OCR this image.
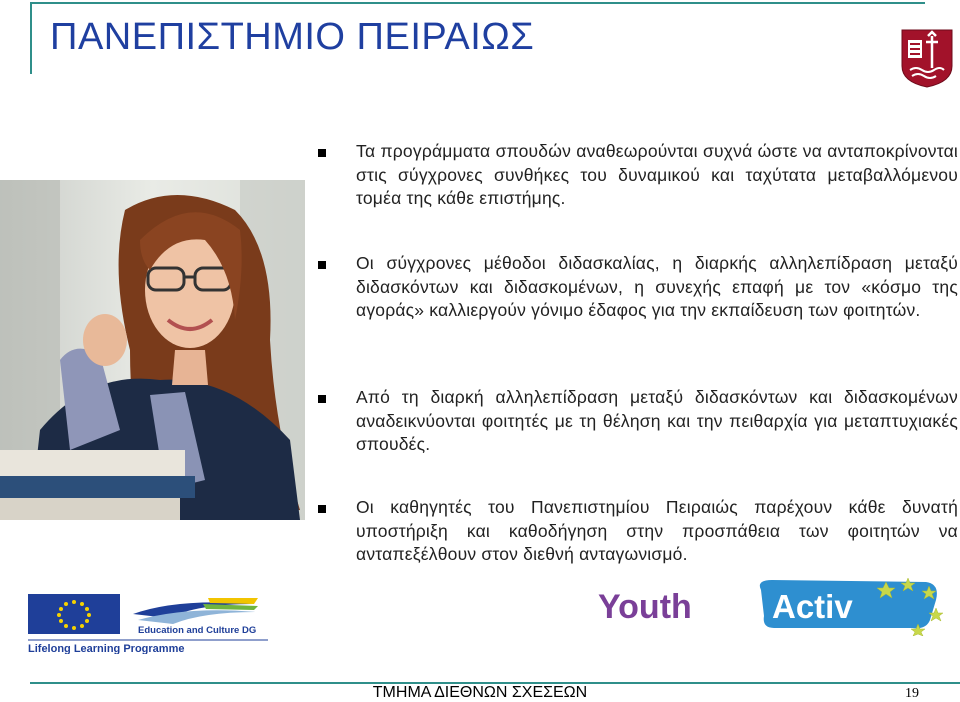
ΠΑΝΕΠΙΣΤΗΜΙΟ ΠΕΙΡΑΙΩΣ
Τα προγράμματα σπουδών αναθεωρούνται συχνά ώστε να ανταποκρίνονται στις σύγχρονες συνθήκες του δυναμικού και ταχύτατα μεταβαλλόμενου τομέα της κάθε επιστήμης.
Οι σύγχρονες μέθοδοι διδασκαλίας, η διαρκής αλληλεπίδραση μεταξύ διδασκόντων και διδασκομένων, η συνεχής επαφή με τον «κόσμο της αγοράς» καλλιεργούν γόνιμο έδαφος για την εκπαίδευση των φοιτητών.
Από τη διαρκή αλληλεπίδραση μεταξύ διδασκόντων και διδασκομένων αναδεικνύονται φοιτητές με τη θέληση και την πειθαρχία για μεταπτυχιακές σπουδές.
Οι καθηγητές του Πανεπιστημίου Πειραιώς παρέχουν κάθε δυνατή υποστήριξη και καθοδήγηση στην προσπάθεια των φοιτητών να ανταπεξέλθουν στον διεθνή ανταγωνισμό.
Education and Culture DG
Lifelong Learning Programme
Youth Activ
ΤΜΗΜΑ ΔΙΕΘΝΩΝ ΣΧΕΣΕΩΝ	19
